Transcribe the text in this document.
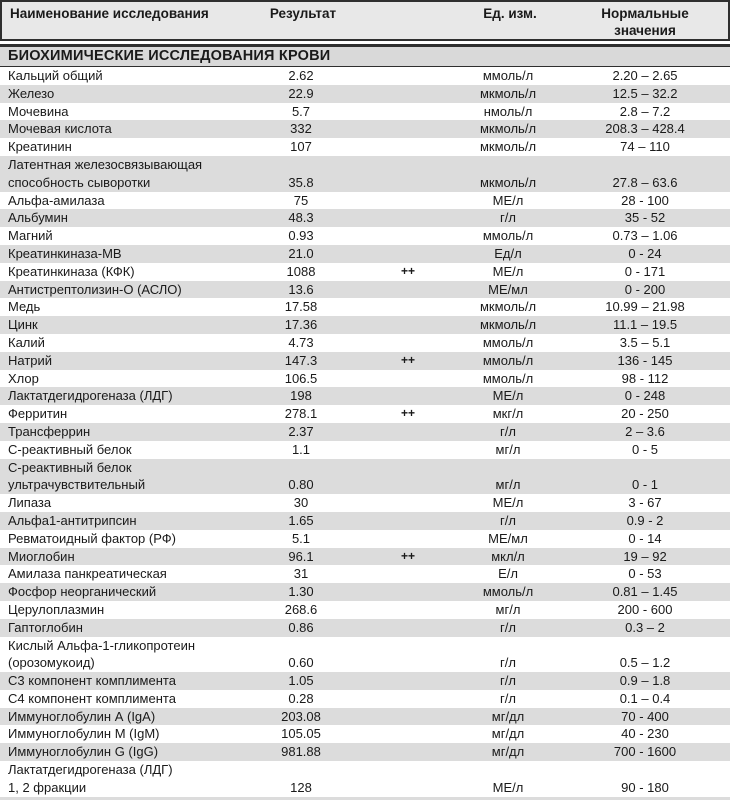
Наименование исследования	Результат	Ед. изм.	Нормальные
значения
БИОХИМИЧЕСКИЕ ИССЛЕДОВАНИЯ КРОВИ
Кальций общий	2.62	ммоль/л	2.20 – 2.65
Железо	22.9	мкмоль/л	12.5 – 32.2
Мочевина	5.7	нмоль/л	2.8 – 7.2
Мочевая кислота	332	мкмоль/л	208.3 – 428.4
Креатинин	107	мкмоль/л	74 – 110
Латентная железосвязывающая
способность сыворотки	35.8	мкмоль/л	27.8 – 63.6
Альфа-амилаза	75	МЕ/л	28 - 100
Альбумин	48.3	г/л	35 - 52
Магний	0.93	ммоль/л	0.73 – 1.06
Креатинкиназа-МВ	21.0	Ед/л	0 - 24
Креатинкиназа (КФК)	1088	++	МЕ/л	0 - 171
Антистрептолизин-О (АСЛО)	13.6	МЕ/мл	0 - 200
Медь	17.58	мкмоль/л	10.99 – 21.98
Цинк	17.36	мкмоль/л	11.1 – 19.5
Калий	4.73	ммоль/л	3.5 – 5.1
Натрий	147.3	++	ммоль/л	136 - 145
Хлор	106.5	ммоль/л	98 - 112
Лактатдегидрогеназа (ЛДГ)	198	МЕ/л	0 - 248
Ферритин	278.1	++	мкг/л	20 - 250
Трансферрин	2.37	г/л	2 – 3.6
С-реактивный белок	1.1	мг/л	0 - 5
С-реактивный белок
ультрачувствительный	0.80	мг/л	0 - 1
Липаза	30	МЕ/л	3 - 67
Альфа1-антитрипсин	1.65	г/л	0.9 - 2
Ревматоидный фактор (РФ)	5.1	МЕ/мл	0 - 14
Миоглобин	96.1	++	мкл/л	19 – 92
Амилаза панкреатическая	31	Е/л	0 - 53
Фосфор неорганический	1.30	ммоль/л	0.81 – 1.45
Церулоплазмин	268.6	мг/л	200 - 600
Гаптоглобин	0.86	г/л	0.3 – 2
Кислый Альфа-1-гликопротеин
(орозомукоид)	0.60	г/л	0.5 – 1.2
С3 компонент комплимента	1.05	г/л	0.9 – 1.8
С4 компонент комплимента	0.28	г/л	0.1 – 0.4
Иммуноглобулин А (IgA)	203.08	мг/дл	70 - 400
Иммуноглобулин М (IgM)	105.05	мг/дл	40 - 230
Иммуноглобулин G (IgG)	981.88	мг/дл	700 - 1600
Лактатдегидрогеназа (ЛДГ)
1, 2 фракции	128	МЕ/л	90 - 180
